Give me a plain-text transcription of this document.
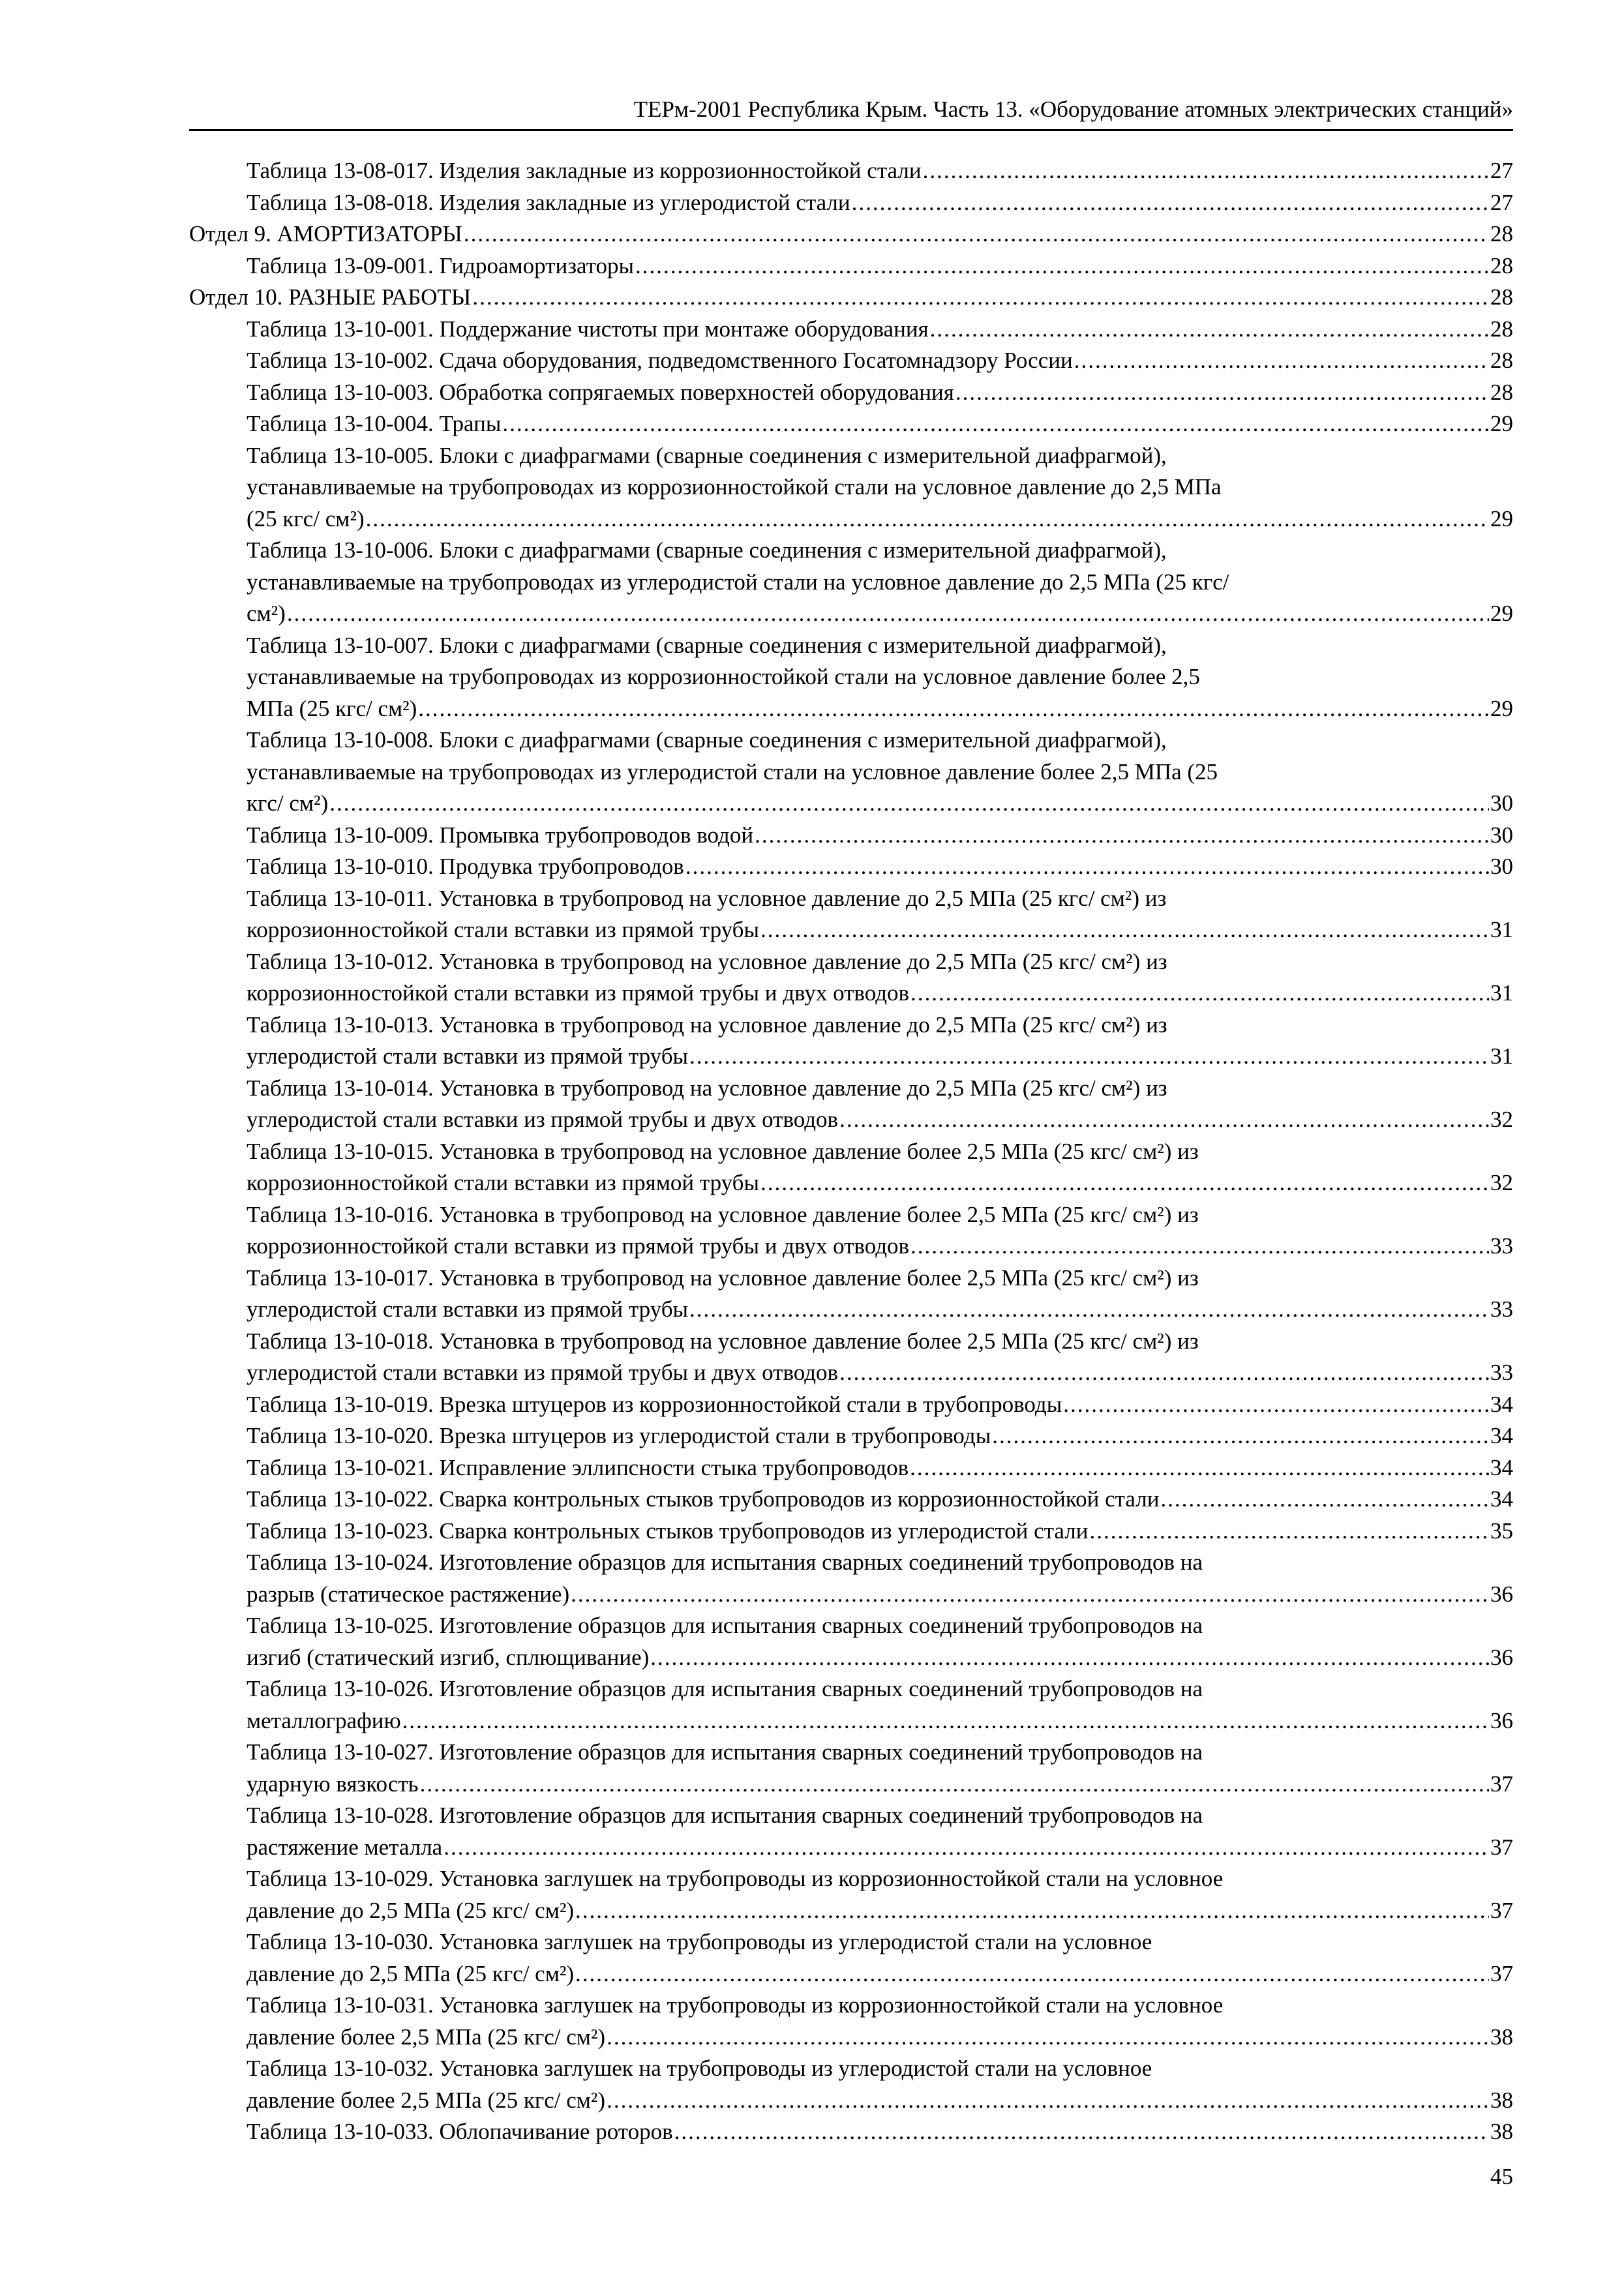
ТЕРм-2001 Республика Крым. Часть 13. «Оборудование атомных электрических станций»
Таблица 13-08-017. Изделия закладные из коррозионностойкой стали .....	27
Таблица 13-08-018. Изделия закладные из углеродистой стали .....	27
Отдел 9. АМОРТИЗАТОРЫ .....	28
Таблица 13-09-001. Гидроамортизаторы .....	28
Отдел 10. РАЗНЫЕ РАБОТЫ .....	28
Таблица 13-10-001. Поддержание чистоты при монтаже оборудования .....	28
Таблица 13-10-002. Сдача оборудования, подведомственного Госатомнадзору России .....	28
Таблица 13-10-003. Обработка сопрягаемых поверхностей оборудования .....	28
Таблица 13-10-004. Трапы .....	29
Таблица 13-10-005. Блоки с диафрагмами (сварные соединения с измерительной диафрагмой),
устанавливаемые на трубопроводах из коррозионностойкой стали на условное давление до 2,5 МПа
(25 кгс/ см²) .....	29
Таблица 13-10-006. Блоки с диафрагмами (сварные соединения с измерительной диафрагмой),
устанавливаемые на трубопроводах из углеродистой стали на условное давление до 2,5 МПа (25 кгс/
см²) .....	29
Таблица 13-10-007. Блоки с диафрагмами (сварные соединения с измерительной диафрагмой),
устанавливаемые на трубопроводах из коррозионностойкой стали на условное давление более 2,5
МПа (25 кгс/ см²) .....	29
Таблица 13-10-008. Блоки с диафрагмами (сварные соединения с измерительной диафрагмой),
устанавливаемые на трубопроводах из углеродистой стали на условное давление более 2,5 МПа (25
кгс/ см²) .....	30
Таблица 13-10-009. Промывка трубопроводов водой .....	30
Таблица 13-10-010. Продувка трубопроводов .....	30
Таблица 13-10-011. Установка в трубопровод на условное давление до 2,5 МПа (25 кгс/ см²) из
коррозионностойкой стали вставки из прямой трубы .....	31
Таблица 13-10-012. Установка в трубопровод на условное давление до 2,5 МПа (25 кгс/ см²) из
коррозионностойкой стали вставки из прямой трубы и двух отводов .....	31
Таблица 13-10-013. Установка в трубопровод на условное давление до 2,5 МПа (25 кгс/ см²) из
углеродистой стали вставки из прямой трубы .....	31
Таблица 13-10-014. Установка в трубопровод на условное давление до 2,5 МПа (25 кгс/ см²) из
углеродистой стали вставки из прямой трубы и двух отводов .....	32
Таблица 13-10-015. Установка в трубопровод на условное давление более 2,5 МПа (25 кгс/ см²) из
коррозионностойкой стали вставки из прямой трубы .....	32
Таблица 13-10-016. Установка в трубопровод на условное давление более 2,5 МПа (25 кгс/ см²) из
коррозионностойкой стали вставки из прямой трубы и двух отводов .....	33
Таблица 13-10-017. Установка в трубопровод на условное давление более 2,5 МПа (25 кгс/ см²) из
углеродистой стали вставки из прямой трубы .....	33
Таблица 13-10-018. Установка в трубопровод на условное давление более 2,5 МПа (25 кгс/ см²) из
углеродистой стали вставки из прямой трубы и двух отводов .....	33
Таблица 13-10-019. Врезка штуцеров из коррозионностойкой стали в трубопроводы .....	34
Таблица 13-10-020. Врезка штуцеров из углеродистой стали в трубопроводы .....	34
Таблица 13-10-021. Исправление эллипсности стыка трубопроводов .....	34
Таблица 13-10-022. Сварка контрольных стыков трубопроводов из коррозионностойкой стали .....	34
Таблица 13-10-023. Сварка контрольных стыков трубопроводов из углеродистой стали .....	35
Таблица 13-10-024. Изготовление образцов для испытания сварных соединений трубопроводов на
разрыв (статическое растяжение) .....	36
Таблица 13-10-025. Изготовление образцов для испытания сварных соединений трубопроводов на
изгиб (статический изгиб, сплющивание) .....	36
Таблица 13-10-026. Изготовление образцов для испытания сварных соединений трубопроводов на
металлографию .....	36
Таблица 13-10-027. Изготовление образцов для испытания сварных соединений трубопроводов на
ударную вязкость .....	37
Таблица 13-10-028. Изготовление образцов для испытания сварных соединений трубопроводов на
растяжение металла .....	37
Таблица 13-10-029. Установка заглушек на трубопроводы из коррозионностойкой стали на условное
давление до 2,5 МПа (25 кгс/ см²) .....	37
Таблица 13-10-030. Установка заглушек на трубопроводы из углеродистой стали на условное
давление до 2,5 МПа (25 кгс/ см²) .....	37
Таблица 13-10-031. Установка заглушек на трубопроводы из коррозионностойкой стали на условное
давление более 2,5 МПа (25 кгс/ см²) .....	38
Таблица 13-10-032. Установка заглушек на трубопроводы из углеродистой стали на условное
давление более 2,5 МПа (25 кгс/ см²) .....	38
Таблица 13-10-033. Облопачивание роторов .....	38
45
